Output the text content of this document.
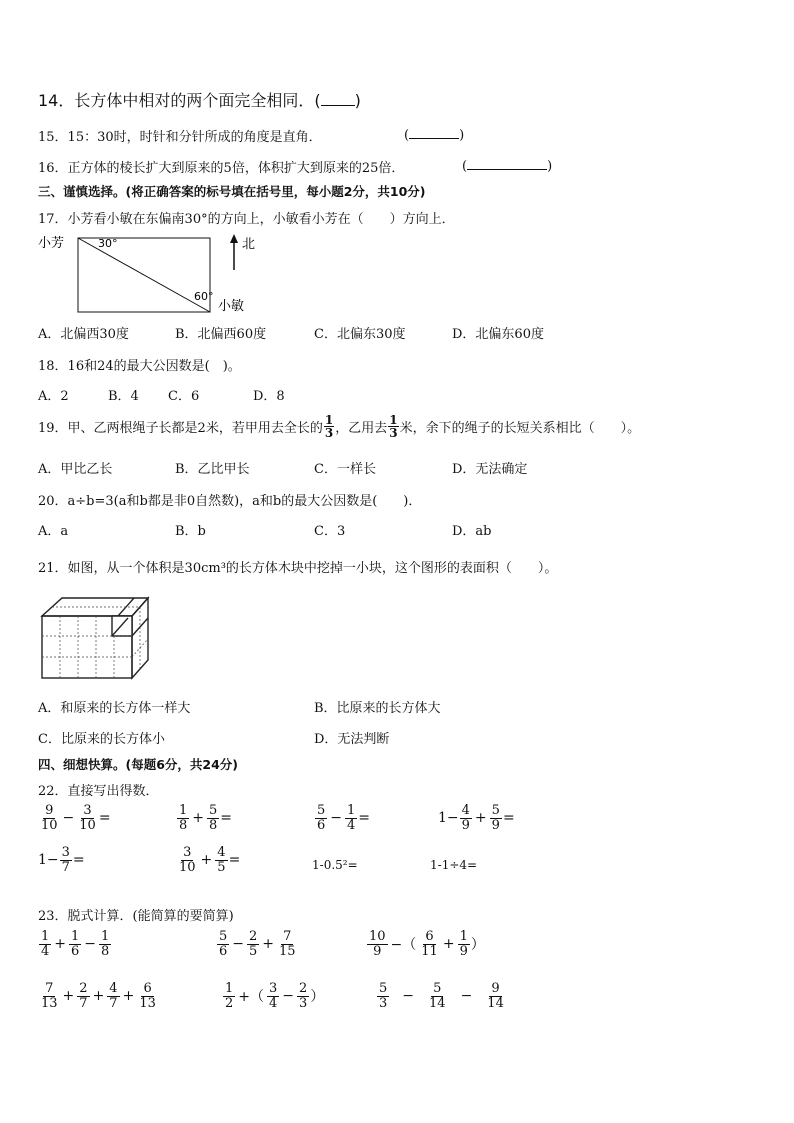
14．长方体中相对的两个面完全相同．( )
15．15：30时，时针和分针所成的角度是直角．	(	)
16．正方体的棱长扩大到原来的5倍，体积扩大到原来的25倍．	(	)
三、谨慎选择。(将正确答案的标号填在括号里，每小题2分，共10分)
17．小芳看小敏在东偏南30°的方向上，小敏看小芳在（　　）方向上．
小芳	30°
60°
小敏
北
A．北偏西30度	B．北偏西60度	C．北偏东30度	D．北偏东60度
18．16和24的最大公因数是(　)。
A．2	B．4 C．6	D．8
19．甲、乙两根绳子长都是2米，若甲用去全长的
1
3 ，乙用去
1
3 米，余下的绳子的长短关系相比（　　）。
A．甲比乙长	B．乙比甲长	C．一样长	D．无法确定
20．a÷b=3(a和b都是非0自然数)，a和b的最大公因数是(　　)．
A．a	B．b	C．3	D．ab
21．如图，从一个体积是30cm³的长方体木块中挖掉一小块，这个图形的表面积（　　）。
A．和原来的长方体一样大	B．比原来的长方体大
C．比原来的长方体小	D．无法判断
四、细想快算。(每题6分，共24分)
22．直接写出得数．
$\frac{9}{10} - \frac{3}{10}$ =	$\frac{1}{8} + \frac{5}{8}$ =	$\frac{5}{6} - \frac{1}{4}$ =	$1- \frac{4}{9} + \frac{5}{9}$ =
$1- \frac{3}{7}$ =	$\frac{3}{10} + \frac{4}{5}$ =	1-0.5²=	1-1÷4=
23．脱式计算．(能简算的要简算)
$\frac{1}{4} + \frac{1}{6} - \frac{1}{8}$	$\frac{5}{6} - \frac{2}{5} + \frac{7}{15}$	$\frac{10}{9}$ −（ $\frac{6}{11} + \frac{1}{9}$ ）
$\frac{7}{13} + \frac{2}{7} + \frac{4}{7} + \frac{6}{13}$	$\frac{1}{2}$ +（ $\frac{3}{4} - \frac{2}{3}$ ）	$\frac{5}{3} - \frac{5}{14} - \frac{9}{14}$
